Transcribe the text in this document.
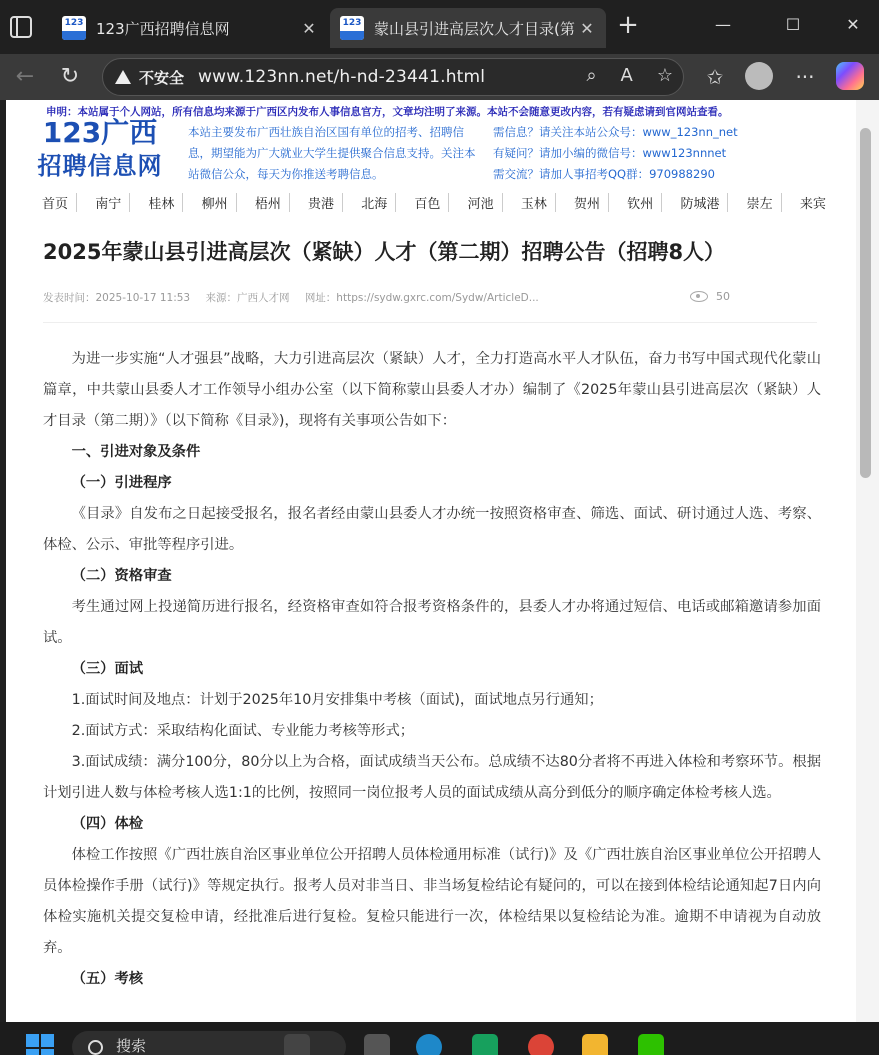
123 123广西招聘信息网	✕	123 蒙山县引进高层次人才目录(第 ✕ +	—	☐	✕
← ↻	不安全 www.123nn.net/h-nd-23441.html	⌕ A ☆	✩	···
申明：本站属于个人网站，所有信息均来源于广西区内发布人事信息官方，文章均注明了来源。本站不会随意更改内容，若有疑虑请到官网站查看。
123广西
招聘信息网
本站主要发布广西壮族自治区国有单位的招考、招聘信息，期望能为广大就业大学生提供聚合信息支持。关注本站微信公众，每天为你推送考聘信息。
需信息？请关注本站公众号：www_123nn_net
有疑问？请加小编的微信号：www123nnnet
需交流？请加人事招考QQ群：970988290
首页	南宁	桂林	柳州	梧州	贵港	北海	百色	河池	玉林	贺州	钦州	防城港	崇左	来宾
2025年蒙山县引进高层次（紧缺）人才（第二期）招聘公告（招聘8人）
发表时间：2025-10-17 11:53 来源：广西人才网 网址：https://sydw.gxrc.com/Sydw/ArticleD...	50

为进一步实施“人才强县”战略，大力引进高层次（紧缺）人才，全力打造高水平人才队伍，奋力书写中国式现代化蒙山篇章，中共蒙山县委人才工作领导小组办公室（以下简称蒙山县委人才办）编制了《2025年蒙山县引进高层次（紧缺）人才目录（第二期）》（以下简称《目录》)，现将有关事项公告如下：

一、引进对象及条件

（一）引进程序

《目录》自发布之日起接受报名，报名者经由蒙山县委人才办统一按照资格审查、筛选、面试、研讨通过人选、考察、体检、公示、审批等程序引进。

（二）资格审查

考生通过网上投递简历进行报名，经资格审查如符合报考资格条件的，县委人才办将通过短信、电话或邮箱邀请参加面试。

（三）面试

1.面试时间及地点：计划于2025年10月安排集中考核（面试)，面试地点另行通知；

2.面试方式：采取结构化面试、专业能力考核等形式；

3.面试成绩：满分100分，80分以上为合格，面试成绩当天公布。总成绩不达80分者将不再进入体检和考察环节。根据计划引进人数与体检考核人选1:1的比例，按照同一岗位报考人员的面试成绩从高分到低分的顺序确定体检考核人选。

（四）体检

体检工作按照《广西壮族自治区事业单位公开招聘人员体检通用标准（试行)》及《广西壮族自治区事业单位公开招聘人员体检操作手册（试行)》等规定执行。报考人员对非当日、非当场复检结论有疑问的，可以在接到体检结论通知起7日内向体检实施机关提交复检申请，经批准后进行复检。复检只能进行一次，体检结果以复检结论为准。逾期不申请视为自动放弃。

（五）考核

搜索
